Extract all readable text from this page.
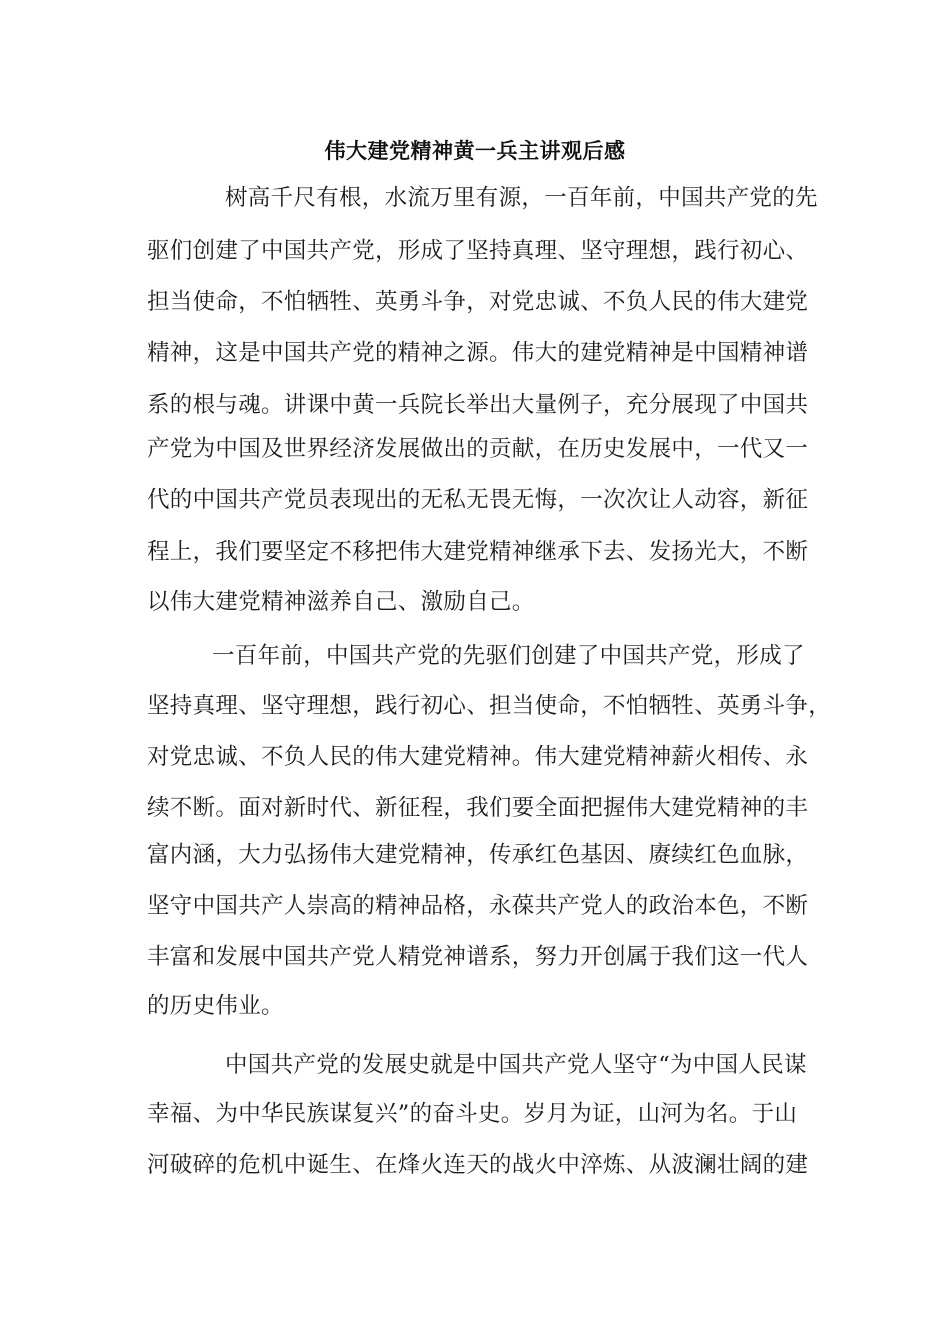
伟大建党精神黄一兵主讲观后感
树高千尺有根，水流万里有源，一百年前，中国共产党的先
驱们创建了中国共产党，形成了坚持真理、坚守理想，践行初心、
担当使命，不怕牺牲、英勇斗争，对党忠诚、不负人民的伟大建党
精神，这是中国共产党的精神之源。伟大的建党精神是中国精神谱
系的根与魂。讲课中黄一兵院长举出大量例子，充分展现了中国共
产党为中国及世界经济发展做出的贡献，在历史发展中，一代又一
代的中国共产党员表现出的无私无畏无悔，一次次让人动容，新征
程上，我们要坚定不移把伟大建党精神继承下去、发扬光大，不断
以伟大建党精神滋养自己、激励自己。
一百年前，中国共产党的先驱们创建了中国共产党，形成了
坚持真理、坚守理想，践行初心、担当使命，不怕牺牲、英勇斗争，
对党忠诚、不负人民的伟大建党精神。伟大建党精神薪火相传、永
续不断。面对新时代、新征程，我们要全面把握伟大建党精神的丰
富内涵，大力弘扬伟大建党精神，传承红色基因、赓续红色血脉，
坚守中国共产人崇高的精神品格，永葆共产党人的政治本色，不断
丰富和发展中国共产党人精党神谱系，努力开创属于我们这一代人
的历史伟业。
中国共产党的发展史就是中国共产党人坚守“为中国人民谋
幸福、为中华民族谋复兴”的奋斗史。岁月为证，山河为名。于山
河破碎的危机中诞生、在烽火连天的战火中淬炼、从波澜壮阔的建
